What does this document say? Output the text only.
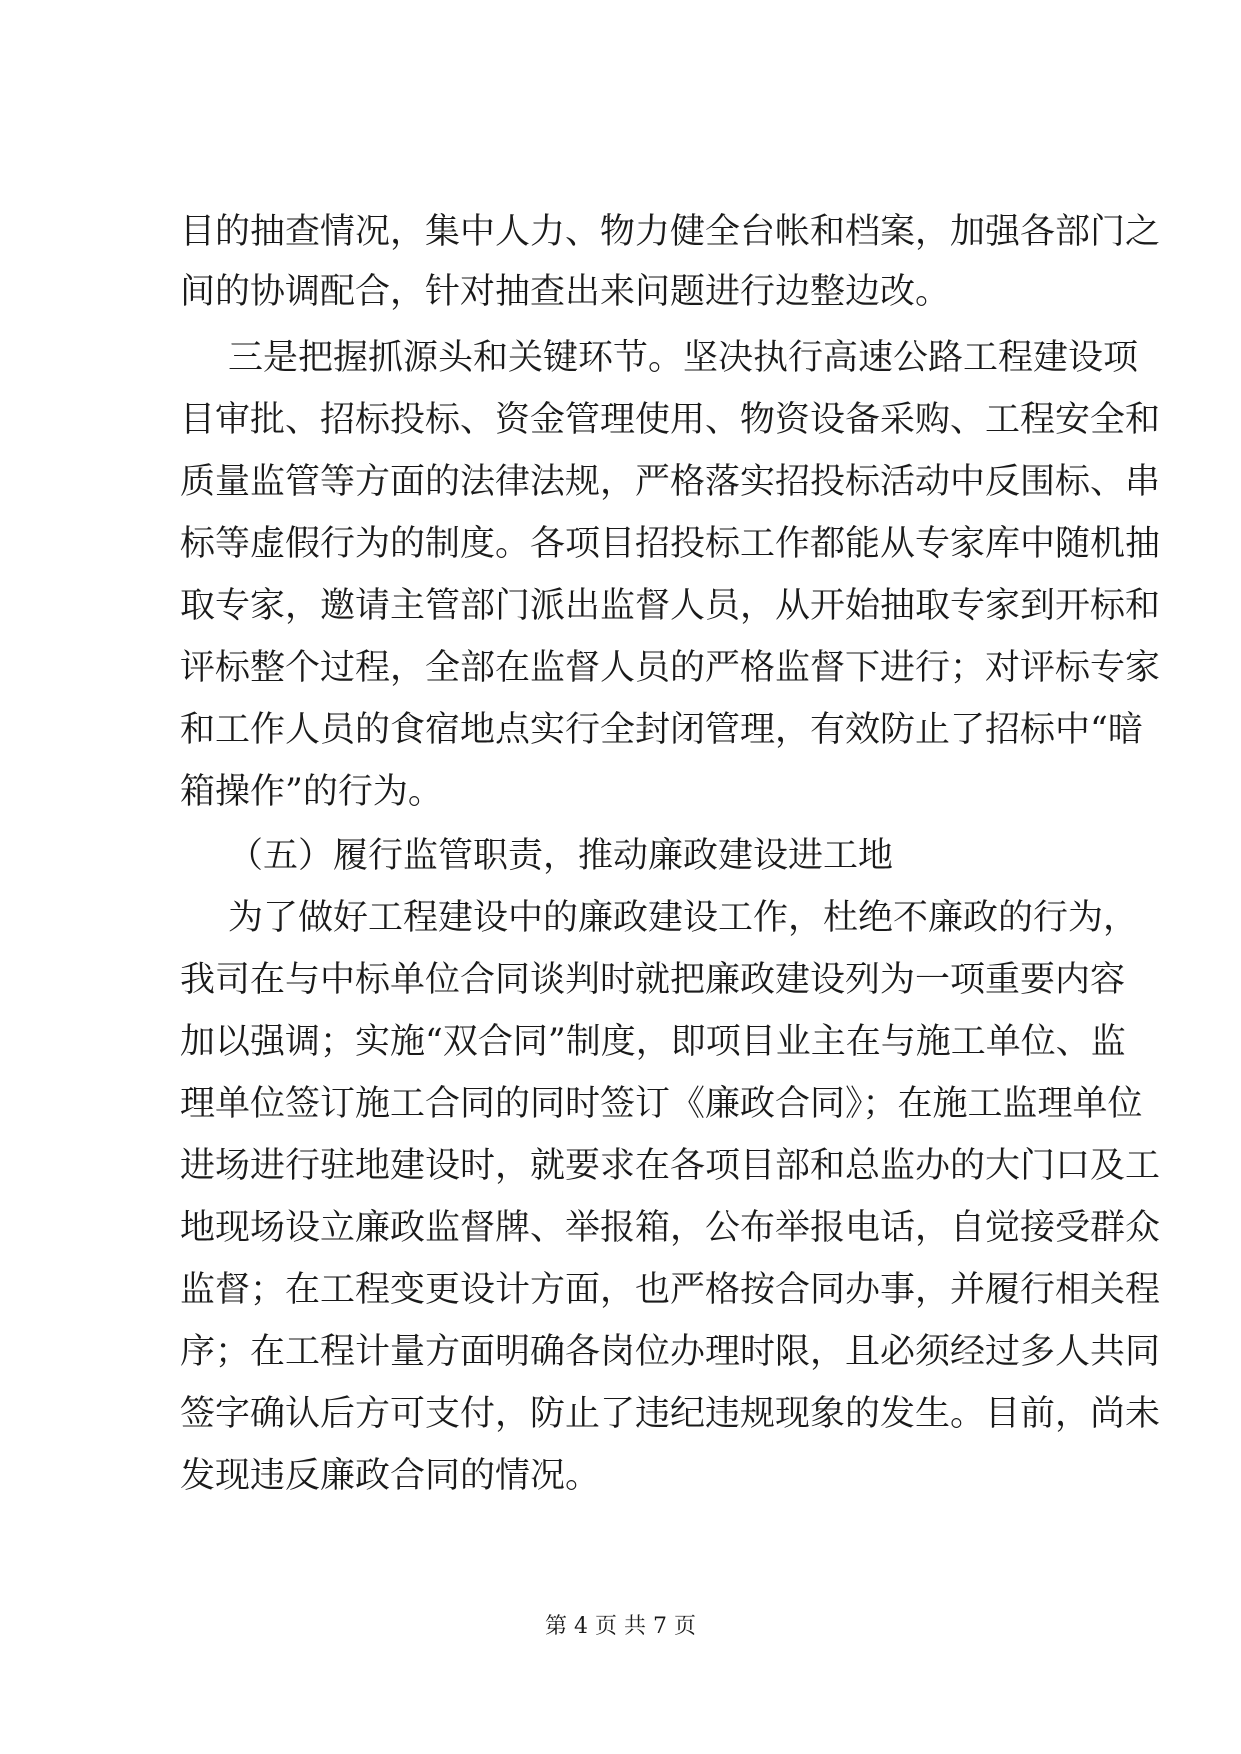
目的抽查情况，集中人力、物力健全台帐和档案，加强各部门之
间的协调配合，针对抽查出来问题进行边整边改。
三是把握抓源头和关键环节。坚决执行高速公路工程建设项
目审批、招标投标、资金管理使用、物资设备采购、工程安全和
质量监管等方面的法律法规，严格落实招投标活动中反围标、串
标等虚假行为的制度。各项目招投标工作都能从专家库中随机抽
取专家，邀请主管部门派出监督人员，从开始抽取专家到开标和
评标整个过程，全部在监督人员的严格监督下进行；对评标专家
和工作人员的食宿地点实行全封闭管理，有效防止了招标中“暗
箱操作”的行为。
（五）履行监管职责，推动廉政建设进工地
为了做好工程建设中的廉政建设工作，杜绝不廉政的行为，
我司在与中标单位合同谈判时就把廉政建设列为一项重要内容
加以强调；实施“双合同”制度，即项目业主在与施工单位、监
理单位签订施工合同的同时签订《廉政合同》；在施工监理单位
进场进行驻地建设时，就要求在各项目部和总监办的大门口及工
地现场设立廉政监督牌、举报箱，公布举报电话，自觉接受群众
监督；在工程变更设计方面，也严格按合同办事，并履行相关程
序；在工程计量方面明确各岗位办理时限，且必须经过多人共同
签字确认后方可支付，防止了违纪违规现象的发生。目前，尚未
发现违反廉政合同的情况。
第 4 页 共 7 页
